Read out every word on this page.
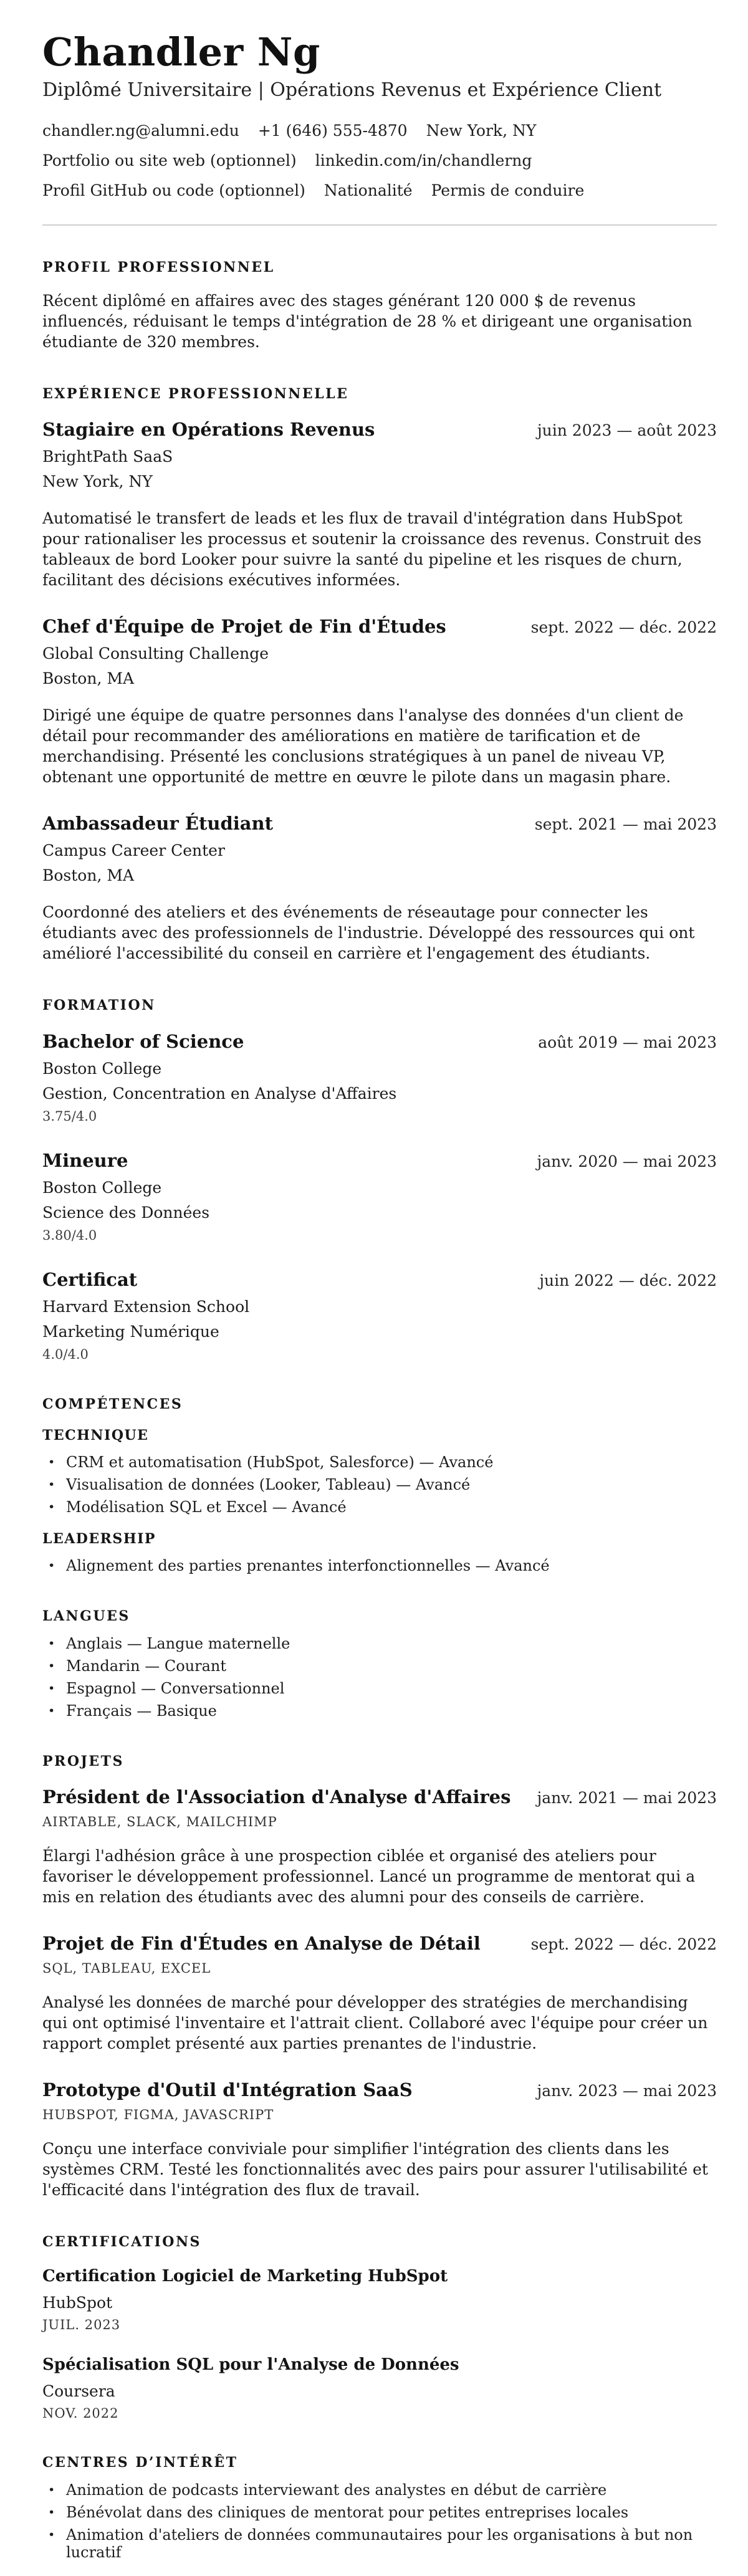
Chandler Ng
Diplômé Universitaire | Opérations Revenus et Expérience Client
chandler.ng@alumni.edu +1 (646) 555-4870 New York, NY
Portfolio ou site web (optionnel) linkedin.com/in/chandlerng
Profil GitHub ou code (optionnel) Nationalité Permis de conduire
PROFIL PROFESSIONNEL

Récent diplômé en affaires avec des stages générant 120 000 $ de revenus influencés, réduisant le temps d'intégration de 28 % et dirigeant une organisation étudiante de 320 membres.

EXPÉRIENCE PROFESSIONNELLE
Stagiaire en Opérations Revenus	juin 2023 — août 2023
BrightPath SaaS
New York, NY

Automatisé le transfert de leads et les flux de travail d'intégration dans HubSpot pour rationaliser les processus et soutenir la croissance des revenus. Construit des tableaux de bord Looker pour suivre la santé du pipeline et les risques de churn, facilitant des décisions exécutives informées.

Chef d'Équipe de Projet de Fin d'Études	sept. 2022 — déc. 2022
Global Consulting Challenge
Boston, MA

Dirigé une équipe de quatre personnes dans l'analyse des données d'un client de détail pour recommander des améliorations en matière de tarification et de merchandising. Présenté les conclusions stratégiques à un panel de niveau VP, obtenant une opportunité de mettre en œuvre le pilote dans un magasin phare.

Ambassadeur Étudiant	sept. 2021 — mai 2023
Campus Career Center
Boston, MA

Coordonné des ateliers et des événements de réseautage pour connecter les étudiants avec des professionnels de l'industrie. Développé des ressources qui ont amélioré l'accessibilité du conseil en carrière et l'engagement des étudiants.

FORMATION
Bachelor of Science	août 2019 — mai 2023
Boston College
Gestion, Concentration en Analyse d'Affaires
3.75/4.0
Mineure	janv. 2020 — mai 2023
Boston College
Science des Données
3.80/4.0
Certificat	juin 2022 — déc. 2022
Harvard Extension School
Marketing Numérique
4.0/4.0
COMPÉTENCES
TECHNIQUE
• CRM et automatisation (HubSpot, Salesforce) — Avancé
• Visualisation de données (Looker, Tableau) — Avancé
• Modélisation SQL et Excel — Avancé
LEADERSHIP
• Alignement des parties prenantes interfonctionnelles — Avancé
LANGUES
• Anglais — Langue maternelle
• Mandarin — Courant
• Espagnol — Conversationnel
• Français — Basique
PROJETS
Président de l'Association d'Analyse d'Affaires janv. 2021 — mai 2023
AIRTABLE, SLACK, MAILCHIMP

Élargi l'adhésion grâce à une prospection ciblée et organisé des ateliers pour favoriser le développement professionnel. Lancé un programme de mentorat qui a mis en relation des étudiants avec des alumni pour des conseils de carrière.

Projet de Fin d'Études en Analyse de Détail	sept. 2022 — déc. 2022
SQL, TABLEAU, EXCEL

Analysé les données de marché pour développer des stratégies de merchandising qui ont optimisé l'inventaire et l'attrait client. Collaboré avec l'équipe pour créer un rapport complet présenté aux parties prenantes de l'industrie.

Prototype d'Outil d'Intégration SaaS	janv. 2023 — mai 2023
HUBSPOT, FIGMA, JAVASCRIPT

Conçu une interface conviviale pour simplifier l'intégration des clients dans les systèmes CRM. Testé les fonctionnalités avec des pairs pour assurer l'utilisabilité et l'efficacité dans l'intégration des flux de travail.

CERTIFICATIONS
Certification Logiciel de Marketing HubSpot
HubSpot
JUIL. 2023
Spécialisation SQL pour l'Analyse de Données
Coursera
NOV. 2022
CENTRES D’INTÉRÊT
• Animation de podcasts interviewant des analystes en début de carrière
• Bénévolat dans des cliniques de mentorat pour petites entreprises locales
• Animation d'ateliers de données communautaires pour les organisations à but non lucratif
